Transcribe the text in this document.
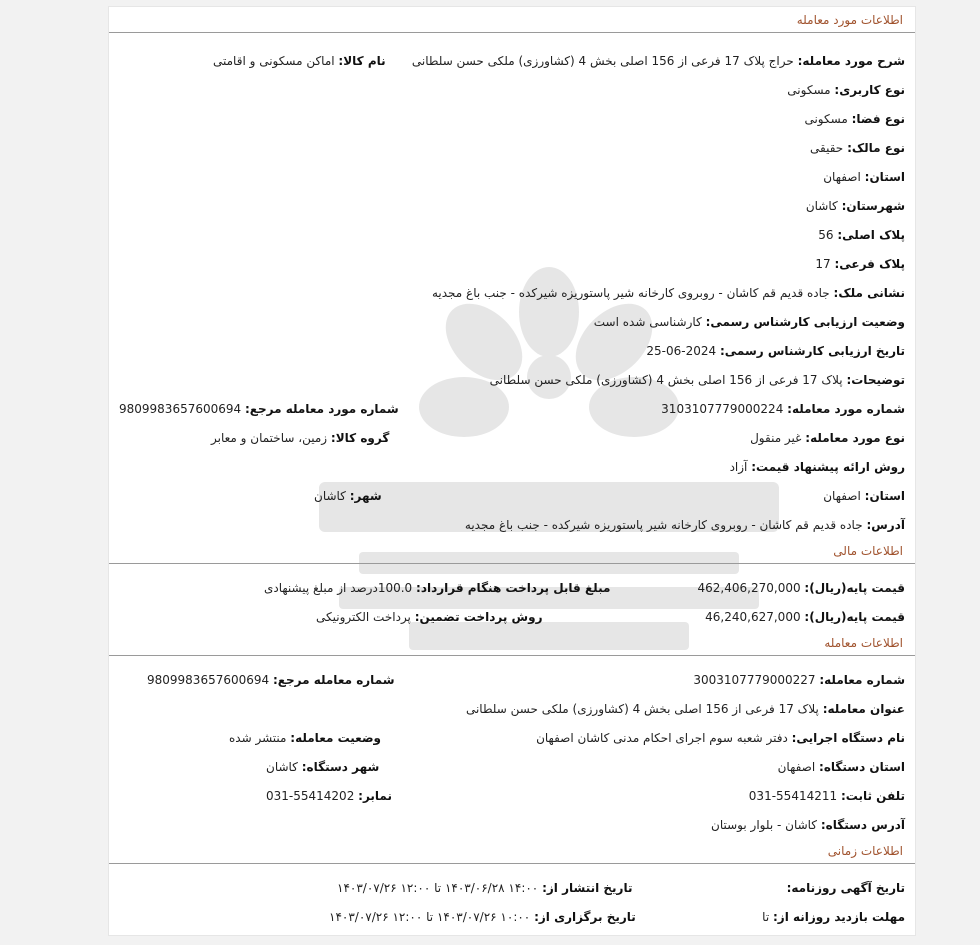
اطلاعات مورد معامله
شرح مورد معامله: حراج پلاک 17 فرعی از 156 اصلی بخش 4 (کشاورزی) ملکی حسن سلطانی
نام کالا: اماکن مسکونی و اقامتی
نوع کاربری: مسکونی
نوع فضا: مسکونی
نوع مالک: حقیقی
استان: اصفهان
شهرستان: کاشان
پلاک اصلی: 56
پلاک فرعی: 17
نشانی ملک: جاده قدیم قم کاشان - روبروی کارخانه شیر پاستوریزه شیرکده - جنب باغ مجدیه
وضعیت ارزیابی کارشناس رسمی: کارشناسی شده است
تاریخ ارزیابی کارشناس رسمی: 2024-06-25
توضیحات: پلاک 17 فرعی از 156 اصلی بخش 4 (کشاورزی) ملکی حسن سلطانی
شماره مورد معامله: 3103107779000224
شماره مورد معامله مرجع: 9809983657600694
نوع مورد معامله: غیر منقول
گروه کالا: زمین، ساختمان و معابر
روش ارائه پیشنهاد قیمت: آزاد
استان: اصفهان
شهر: کاشان
آدرس: جاده قدیم قم کاشان - روبروی کارخانه شیر پاستوریزه شیرکده - جنب باغ مجدیه
اطلاعات مالی
قیمت پایه(ریال): 462,406,270,000
مبلغ قابل پرداخت هنگام قرارداد: 100.0درصد از مبلغ پیشنهادی
قیمت پایه(ریال): 46,240,627,000
روش پرداخت تضمین: پرداخت الکترونیکی
اطلاعات معامله
شماره معامله: 3003107779000227
شماره معامله مرجع: 9809983657600694
عنوان معامله: پلاک 17 فرعی از 156 اصلی بخش 4 (کشاورزی) ملکی حسن سلطانی
نام دستگاه اجرایی: دفتر شعبه سوم اجرای احکام مدنی کاشان اصفهان
وضعیت معامله: منتشر شده
استان دستگاه: اصفهان
شهر دستگاه: کاشان
تلفن ثابت: 55414211-031
نمابر: 55414202-031
آدرس دستگاه: کاشان - بلوار بوستان
اطلاعات زمانی
تاریخ آگهی روزنامه:
تاریخ انتشار از: ۱۴:۰۰ ۱۴۰۳/۰۶/۲۸ تا ۱۲:۰۰ ۱۴۰۳/۰۷/۲۶
مهلت بازدید روزانه از: تا
تاریخ برگزاری از: ۱۰:۰۰ ۱۴۰۳/۰۷/۲۶ تا ۱۲:۰۰ ۱۴۰۳/۰۷/۲۶
